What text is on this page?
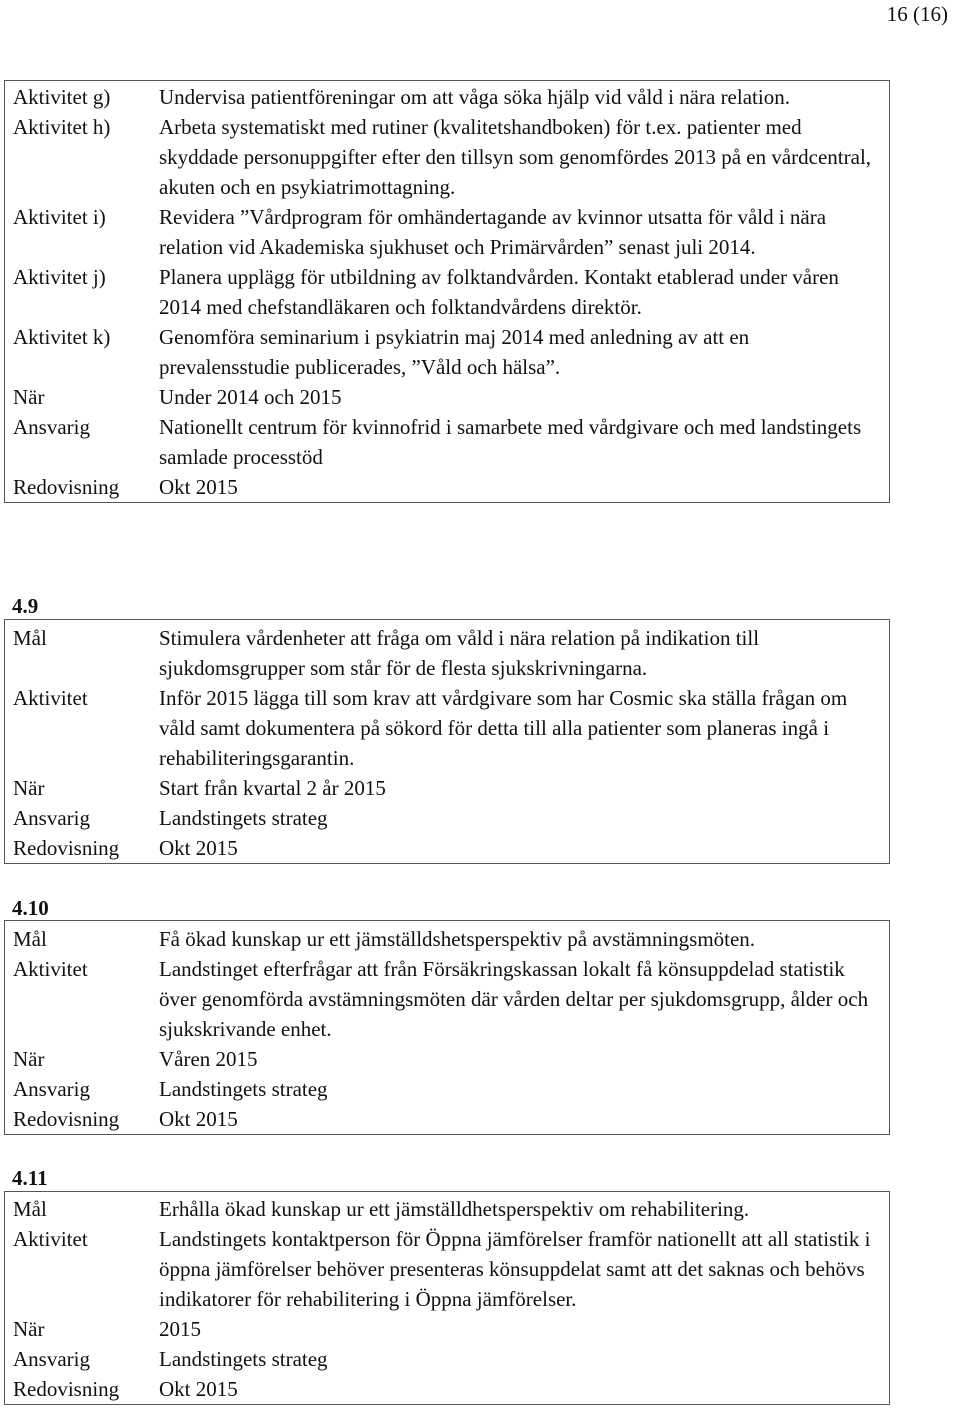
16 (16)
Aktivitet g)	Undervisa patientföreningar om att våga söka hjälp vid våld i nära relation.
Aktivitet h)	Arbeta systematiskt med rutiner (kvalitetshandboken) för t.ex. patienter med skyddade personuppgifter efter den tillsyn som genomfördes 2013 på en vårdcentral, akuten och en psykiatrimottagning.
Aktivitet i)	Revidera ”Vårdprogram för omhändertagande av kvinnor utsatta för våld i nära relation vid Akademiska sjukhuset och Primärvården” senast juli 2014.
Aktivitet j)	Planera upplägg för utbildning av folktandvården. Kontakt etablerad under våren 2014 med chefstandläkaren och folktandvårdens direktör.
Aktivitet k)	Genomföra seminarium i psykiatrin maj 2014 med anledning av att en prevalensstudie publicerades, ”Våld och hälsa”.
När	Under 2014 och 2015
Ansvarig	Nationellt centrum för kvinnofrid i samarbete med vårdgivare och med landstingets samlade processtöd
Redovisning	Okt 2015
4.9
Mål	Stimulera vårdenheter att fråga om våld i nära relation på indikation till sjukdomsgrupper som står för de flesta sjukskrivningarna.
Aktivitet	Inför 2015 lägga till som krav att vårdgivare som har Cosmic ska ställa frågan om våld samt dokumentera på sökord för detta till alla patienter som planeras ingå i rehabiliteringsgarantin.
När	Start från kvartal 2 år 2015
Ansvarig	Landstingets strateg
Redovisning	Okt 2015
4.10
Mål	Få ökad kunskap ur ett jämställdshetsperspektiv på avstämningsmöten.
Aktivitet	Landstinget efterfrågar att från Försäkringskassan lokalt få könsuppdelad statistik över genomförda avstämningsmöten där vården deltar per sjukdomsgrupp, ålder och sjukskrivande enhet.
När	Våren 2015
Ansvarig	Landstingets strateg
Redovisning	Okt 2015
4.11
Mål	Erhålla ökad kunskap ur ett jämställdhetsperspektiv om rehabilitering.
Aktivitet	Landstingets kontaktperson för Öppna jämförelser framför nationellt att all statistik i öppna jämförelser behöver presenteras könsuppdelat samt att det saknas och behövs indikatorer för rehabilitering i Öppna jämförelser.
När	2015
Ansvarig	Landstingets strateg
Redovisning	Okt 2015
